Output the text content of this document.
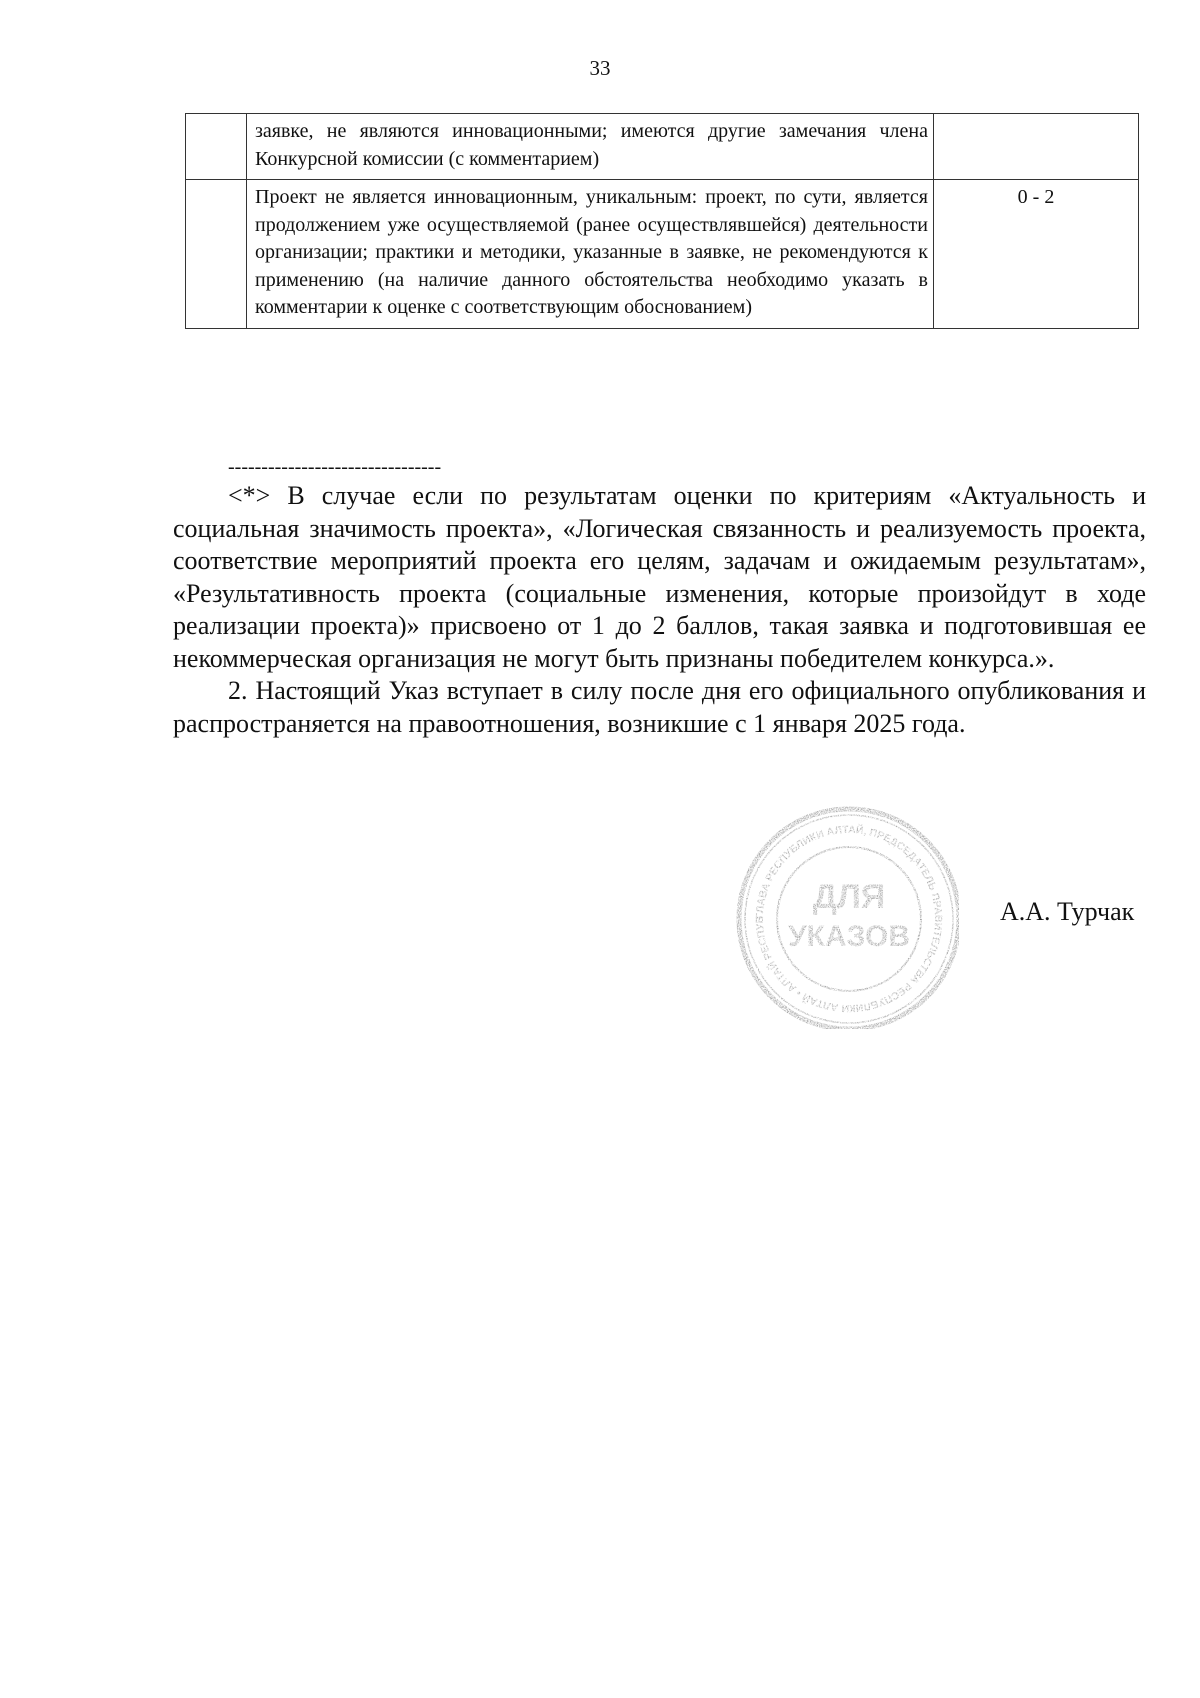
33
	заявке, не являются инновационными; имеются другие замечания члена Конкурсной комиссии (с комментарием)	
	Проект не является инновационным, уникальным: проект, по сути, является продолжением уже осуществляемой (ранее осуществлявшейся) деятельности организации; практики и методики, указанные в заявке, не рекомендуются к применению (на наличие данного обстоятельства необходимо указать в комментарии к оценке с соответствующим обоснованием)	0 - 2
--------------------------------

<*> В случае если по результатам оценки по критериям «Актуальность и социальная значимость проекта», «Логическая связанность и реализуемость проекта, соответствие мероприятий проекта его целям, задачам и ожидаемым результатам», «Результативность проекта (социальные изменения, которые произойдут в ходе реализации проекта)» присвоено от 1 до 2 баллов, такая заявка и подготовившая ее некоммерческая организация не могут быть признаны победителем конкурса.».

2. Настоящий Указ вступает в силу после дня его официального опубликования и распространяется на правоотношения, возникшие с 1 января 2025 года.

ГЛАВА РЕСПУБЛИКИ АЛТАЙ, ПРЕДСЕДАТЕЛЬ ПРАВИТЕЛЬСТВА РЕСПУБЛИКИ АЛТАЙ • АЛТАЙ РЕСПУБ
ДЛЯ
УКАЗОВ
А.А. Турчак
